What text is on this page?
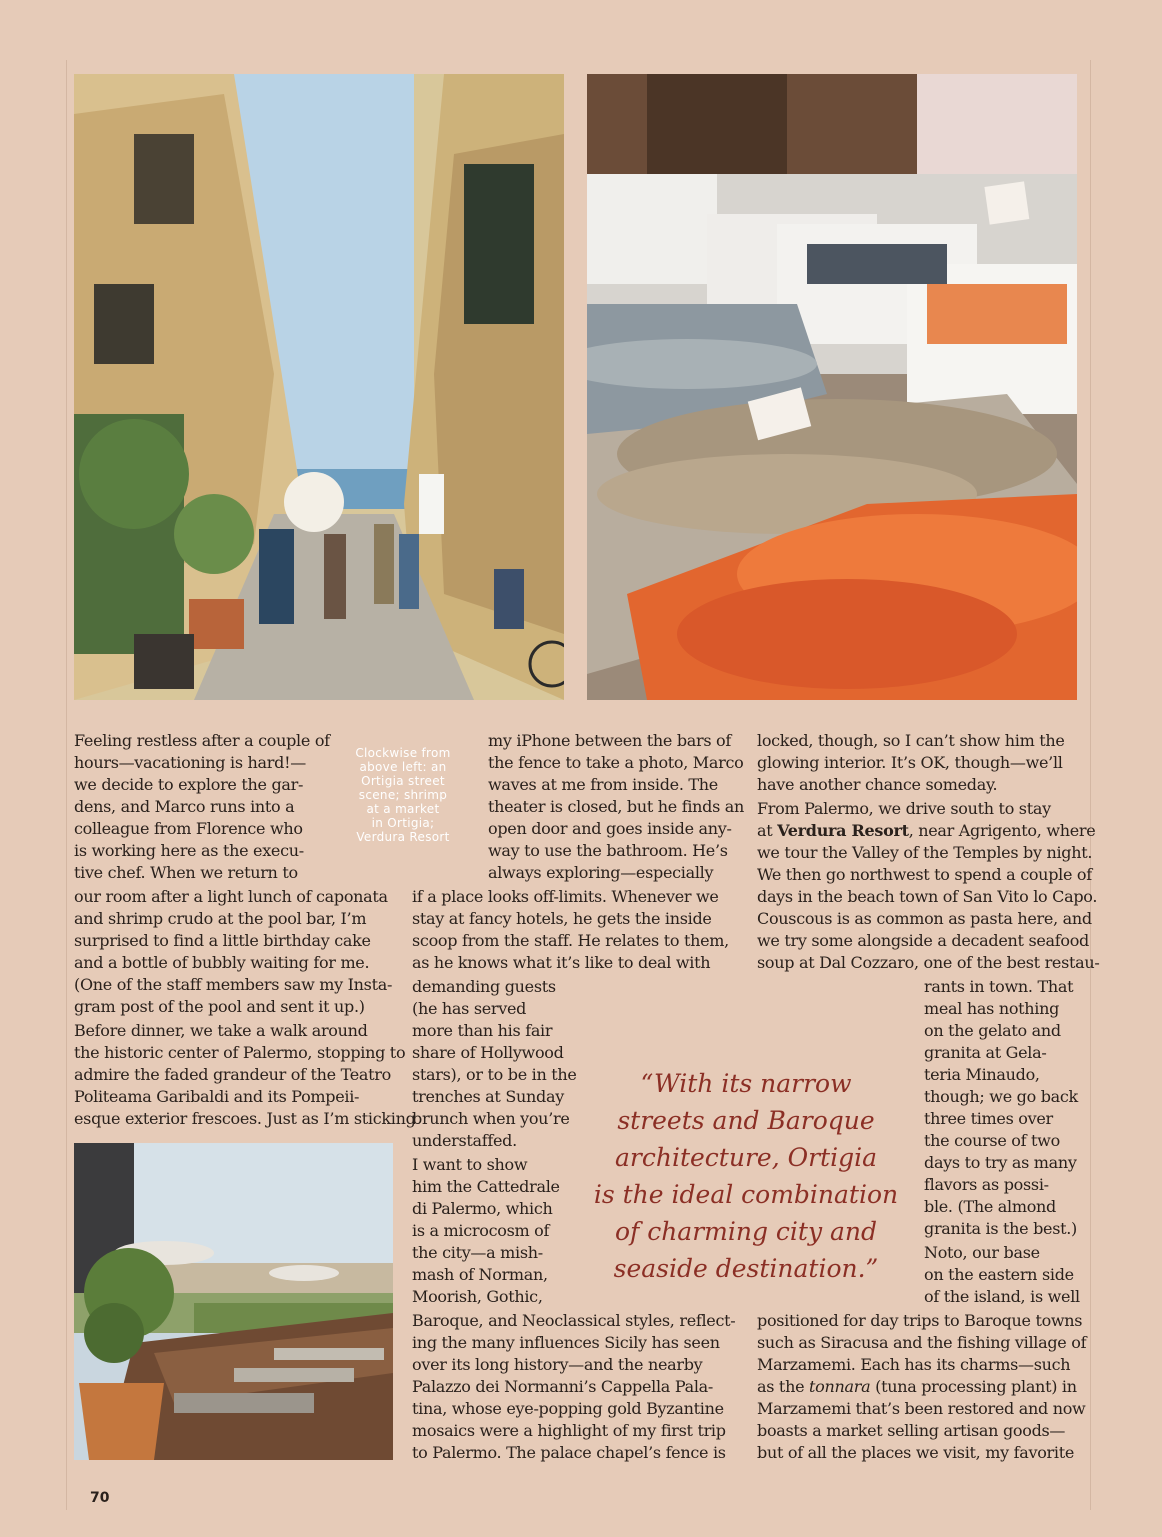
Clockwise from
above left: an
Ortigia street
scene; shrimp
at a market
in Ortigia;
Verdura Resort

“With its narrow
streets and Baroque
architecture, Ortigia
is the ideal combination
of charming city and
seaside destination.”

Feeling restless after a couple of
hours—vacationing is hard!—
we decide to explore the gar-
dens, and Marco runs into a
colleague from Florence who
is working here as the execu-
tive chef. When we return to
our room after a light lunch of caponata
and shrimp crudo at the pool bar, I’m
surprised to find a little birthday cake
and a bottle of bubbly waiting for me.
(One of the staff members saw my Insta-
gram post of the pool and sent it up.)
Before dinner, we take a walk around
the historic center of Palermo, stopping to
admire the faded grandeur of the Teatro
Politeama Garibaldi and its Pompeii-
esque exterior frescoes. Just as I’m sticking
my iPhone between the bars of
the fence to take a photo, Marco
waves at me from inside. The
theater is closed, but he finds an
open door and goes inside any-
way to use the bathroom. He’s
always exploring—especially
if a place looks off-limits. Whenever we
stay at fancy hotels, he gets the inside
scoop from the staff. He relates to them,
as he knows what it’s like to deal with
demanding guests
(he has served
more than his fair
share of Hollywood
stars), or to be in the
trenches at Sunday
brunch when you’re
understaffed.
I want to show
him the Cattedrale
di Palermo, which
is a microcosm of
the city—a mish-
mash of Norman,
Moorish, Gothic,
Baroque, and Neoclassical styles, reflect-
ing the many influences Sicily has seen
over its long history—and the nearby
Palazzo dei Normanni’s Cappella Pala-
tina, whose eye-popping gold Byzantine
mosaics were a highlight of my first trip
to Palermo. The palace chapel’s fence is
locked, though, so I can’t show him the
glowing interior. It’s OK, though—we’ll
have another chance someday.
From Palermo, we drive south to stay
at Verdura Resort, near Agrigento, where
we tour the Valley of the Temples by night.
We then go northwest to spend a couple of
days in the beach town of San Vito lo Capo.
Couscous is as common as pasta here, and
we try some alongside a decadent seafood
soup at Dal Cozzaro, one of the best restau-
rants in town. That
meal has nothing
on the gelato and
granita at Gela-
teria Minaudo,
though; we go back
three times over
the course of two
days to try as many
flavors as possi-
ble. (The almond
granita is the best.)
Noto, our base
on the eastern side
of the island, is well
positioned for day trips to Baroque towns
such as Siracusa and the fishing village of
Marzamemi. Each has its charms—such
as the tonnara (tuna processing plant) in
Marzamemi that’s been restored and now
boasts a market selling artisan goods—
but of all the places we visit, my favorite
70
